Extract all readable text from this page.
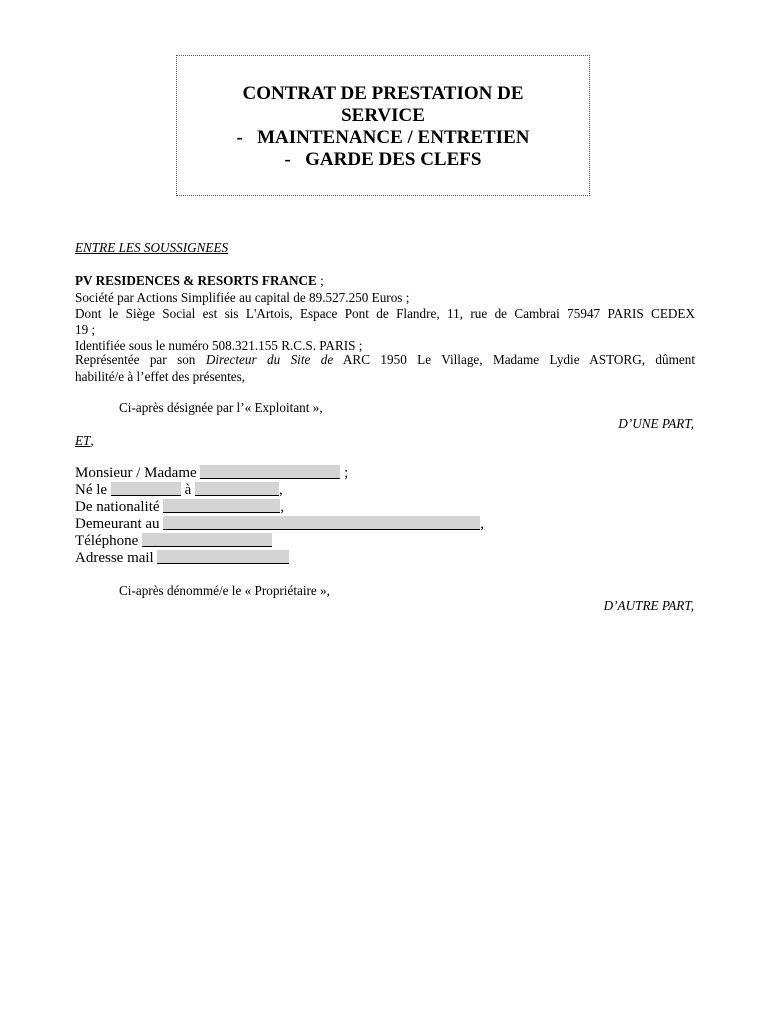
CONTRAT DE PRESTATION DE
SERVICE
-   MAINTENANCE / ENTRETIEN
-   GARDE DES CLEFS
ENTRE LES SOUSSIGNEES
PV RESIDENCES & RESORTS FRANCE ;
Société par Actions Simplifiée au capital de 89.527.250 Euros ;
Dont le Siège Social est sis L'Artois, Espace Pont de Flandre, 11, rue de Cambrai 75947 PARIS CEDEX
19 ;
Identifiée sous le numéro 508.321.155 R.C.S. PARIS ;
Représentée par son Directeur du Site de ARC 1950 Le Village, Madame Lydie ASTORG, dûment
habilité/e à l’effet des présentes,
Ci-après désignée par l’« Exploitant »,
D’UNE PART,
ET,
Monsieur / Madame	;
Né le	à	,
De nationalité	,
Demeurant au	,
Téléphone
Adresse mail
Ci-après dénommé/e le « Propriétaire »,
D’AUTRE PART,
